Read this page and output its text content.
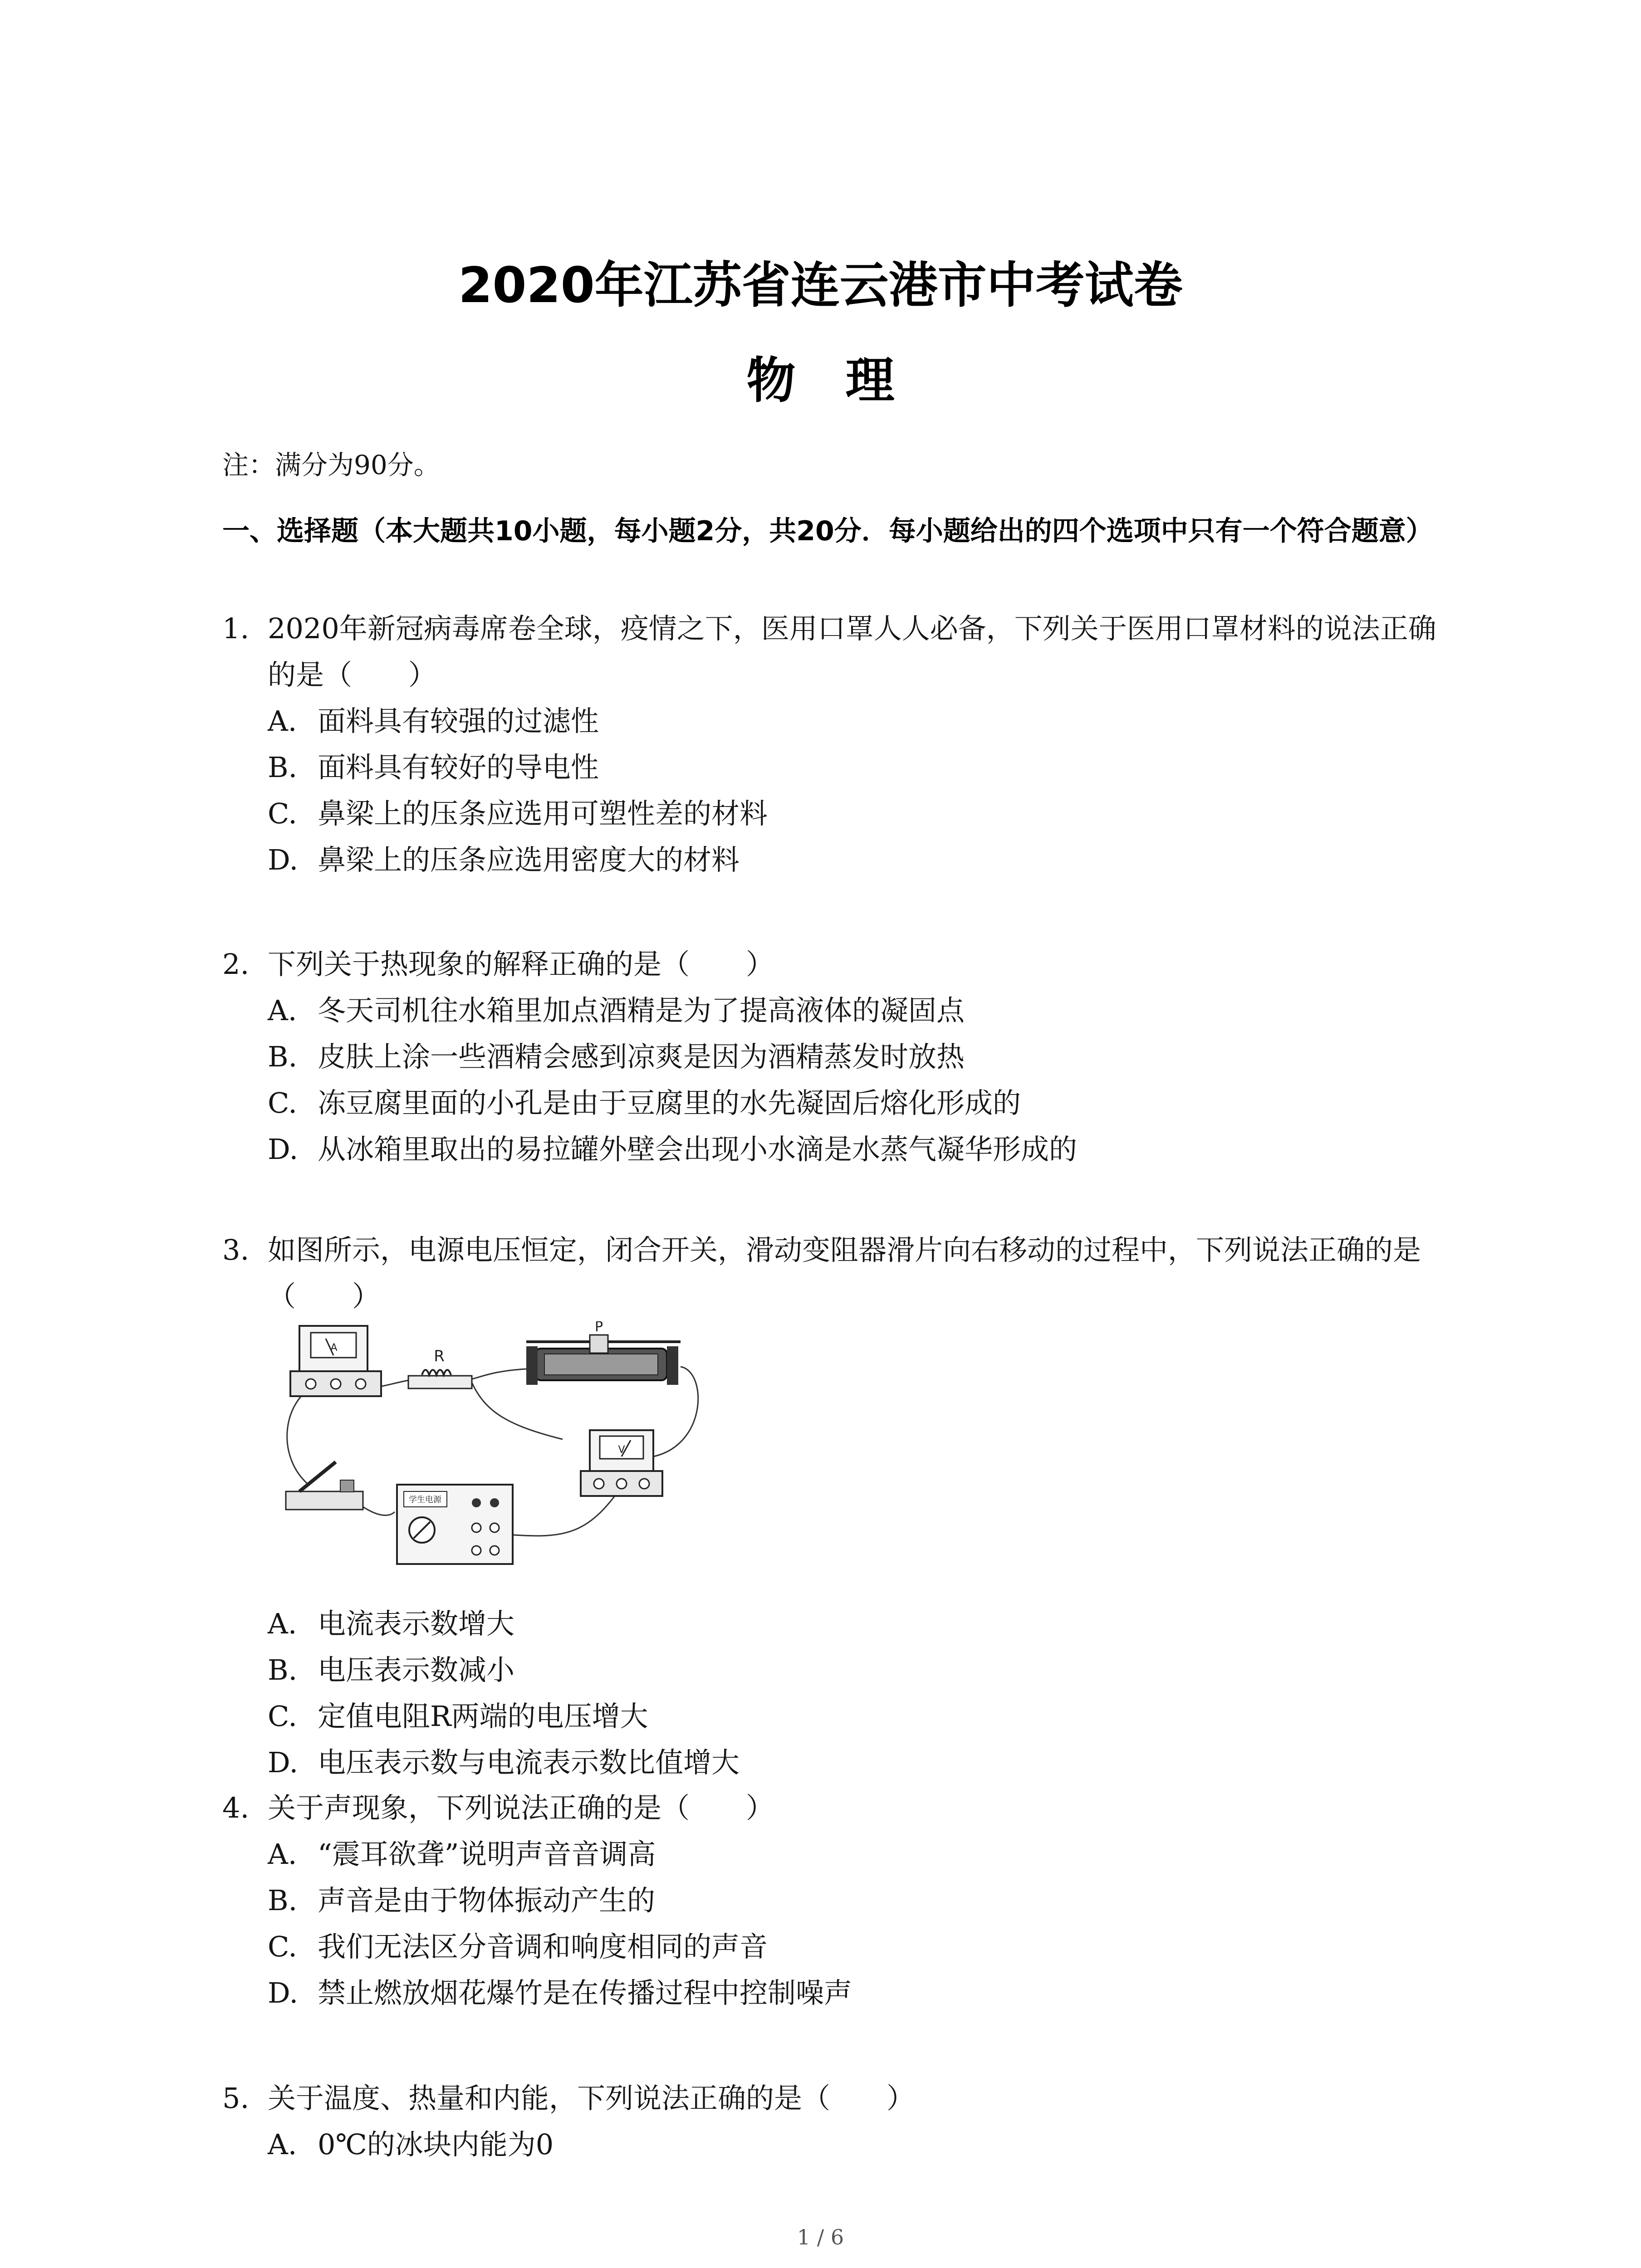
2020年江苏省连云港市中考试卷
物理
注：满分为90分。
一、选择题（本大题共10小题，每小题2分，共20分．每小题给出的四个选项中只有一个符合题意）
1. 2020年新冠病毒席卷全球，疫情之下，医用口罩人人必备，下列关于医用口罩材料的说法正确的是（　　）
A. 面料具有较强的过滤性
B. 面料具有较好的导电性
C. 鼻梁上的压条应选用可塑性差的材料
D. 鼻梁上的压条应选用密度大的材料
2. 下列关于热现象的解释正确的是（　　）
A. 冬天司机往水箱里加点酒精是为了提高液体的凝固点
B. 皮肤上涂一些酒精会感到凉爽是因为酒精蒸发时放热
C. 冻豆腐里面的小孔是由于豆腐里的水先凝固后熔化形成的
D. 从冰箱里取出的易拉罐外壁会出现小水滴是水蒸气凝华形成的
3. 如图所示，电源电压恒定，闭合开关，滑动变阻器滑片向右移动的过程中，下列说法正确的是（　　）
A	R
P
学生电源
V
A. 电流表示数增大
B. 电压表示数减小
C. 定值电阻R两端的电压增大
D. 电压表示数与电流表示数比值增大
4. 关于声现象，下列说法正确的是（　　）
A. “震耳欲聋”说明声音音调高
B. 声音是由于物体振动产生的
C. 我们无法区分音调和响度相同的声音
D. 禁止燃放烟花爆竹是在传播过程中控制噪声
5. 关于温度、热量和内能，下列说法正确的是（　　）
A. 0℃的冰块内能为0
1 / 6
